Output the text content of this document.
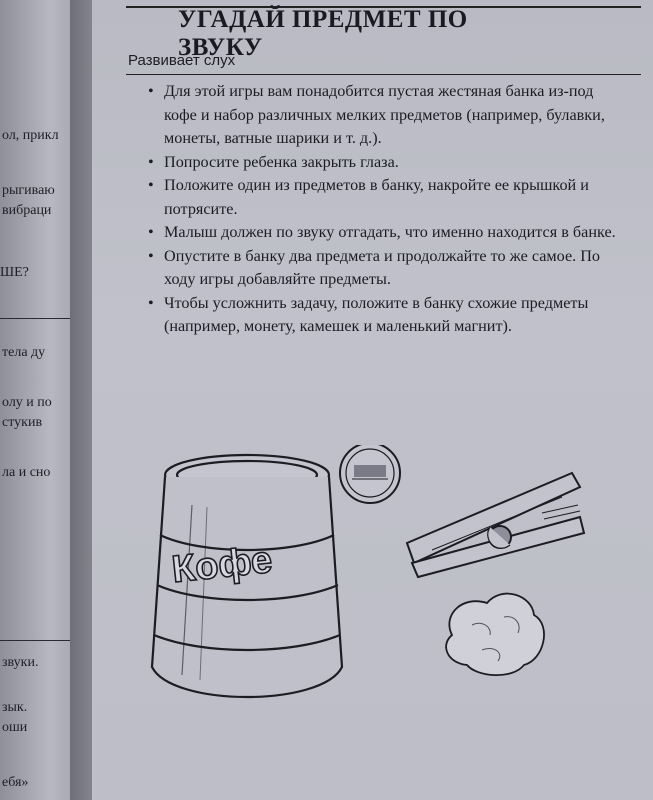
ол, прикл
рыгиваю
вибраци
ШЕ?
тела ду
олу и по
стукив
ла и сно
звуки.
зык.
оши
ебя»
УГАДАЙ ПРЕДМЕТ ПО ЗВУКУ
Развивает слух
• Для этой игры вам понадобится пустая жестяная банка из-под кофе и набор различных мелких предметов (например, булавки, монеты, ватные шарики и т. д.).
• Попросите ребенка закрыть глаза.
• Положите один из предметов в банку, накройте ее крышкой и потрясите.
• Малыш должен по звуку отгадать, что именно находится в банке.
• Опустите в банку два предмета и продолжайте то же самое. По ходу игры добавляйте предметы.
• Чтобы усложнить задачу, положите в банку схожие предметы (например, монету, камешек и маленький магнит).
Кофе
